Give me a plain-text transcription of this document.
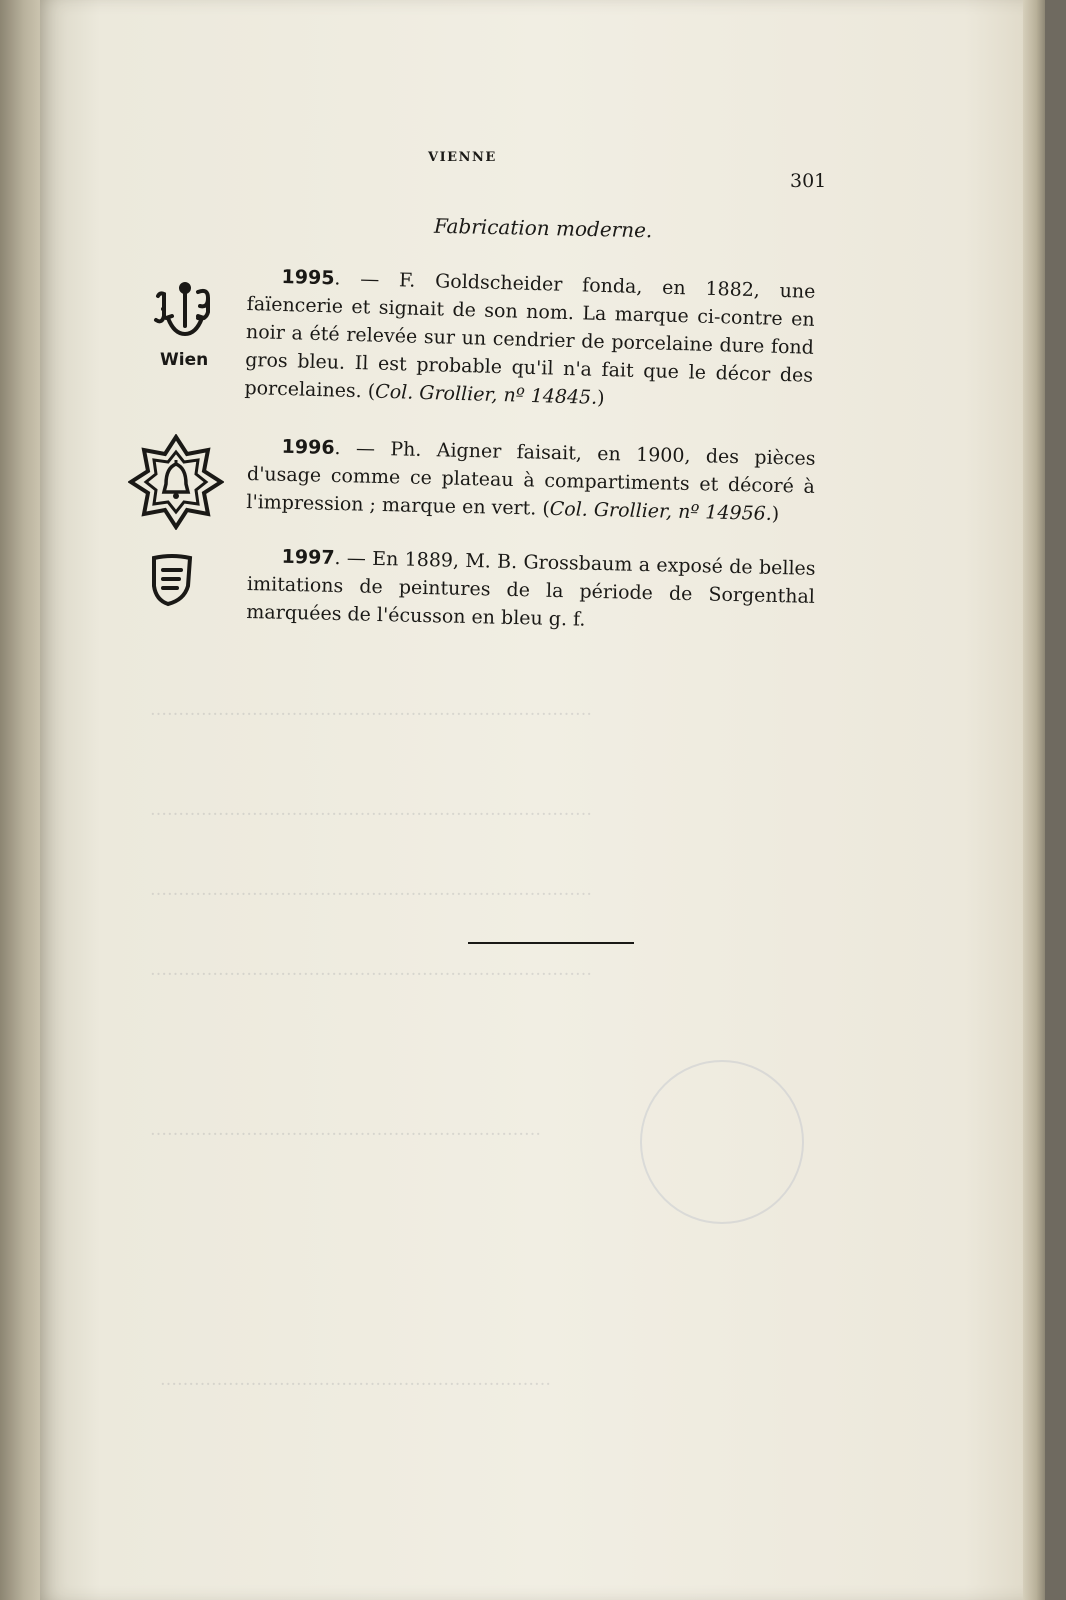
……………………………………………………………………
……………………………………………………………………
……………………………………………………………………
……………………………………………………………………
……………………………………………………………
……………………………………………………………
VIENNE
301
Fabrication moderne.
Wien
1995. — F. Goldscheider fonda, en 1882, une faïencerie et signait de son nom. La marque ci-contre en noir a été relevée sur un cendrier de porcelaine dure fond gros bleu. Il est probable qu'il n'a fait que le décor des porcelaines. (Col. Grollier, nº 14845.)
1996. — Ph. Aigner faisait, en 1900, des pièces d'usage comme ce plateau à compartiments et décoré à l'impression ; marque en vert. (Col. Grollier, nº 14956.)
1997. — En 1889, M. B. Grossbaum a exposé de belles imitations de peintures de la période de Sorgenthal marquées de l'écusson en bleu g. f.
